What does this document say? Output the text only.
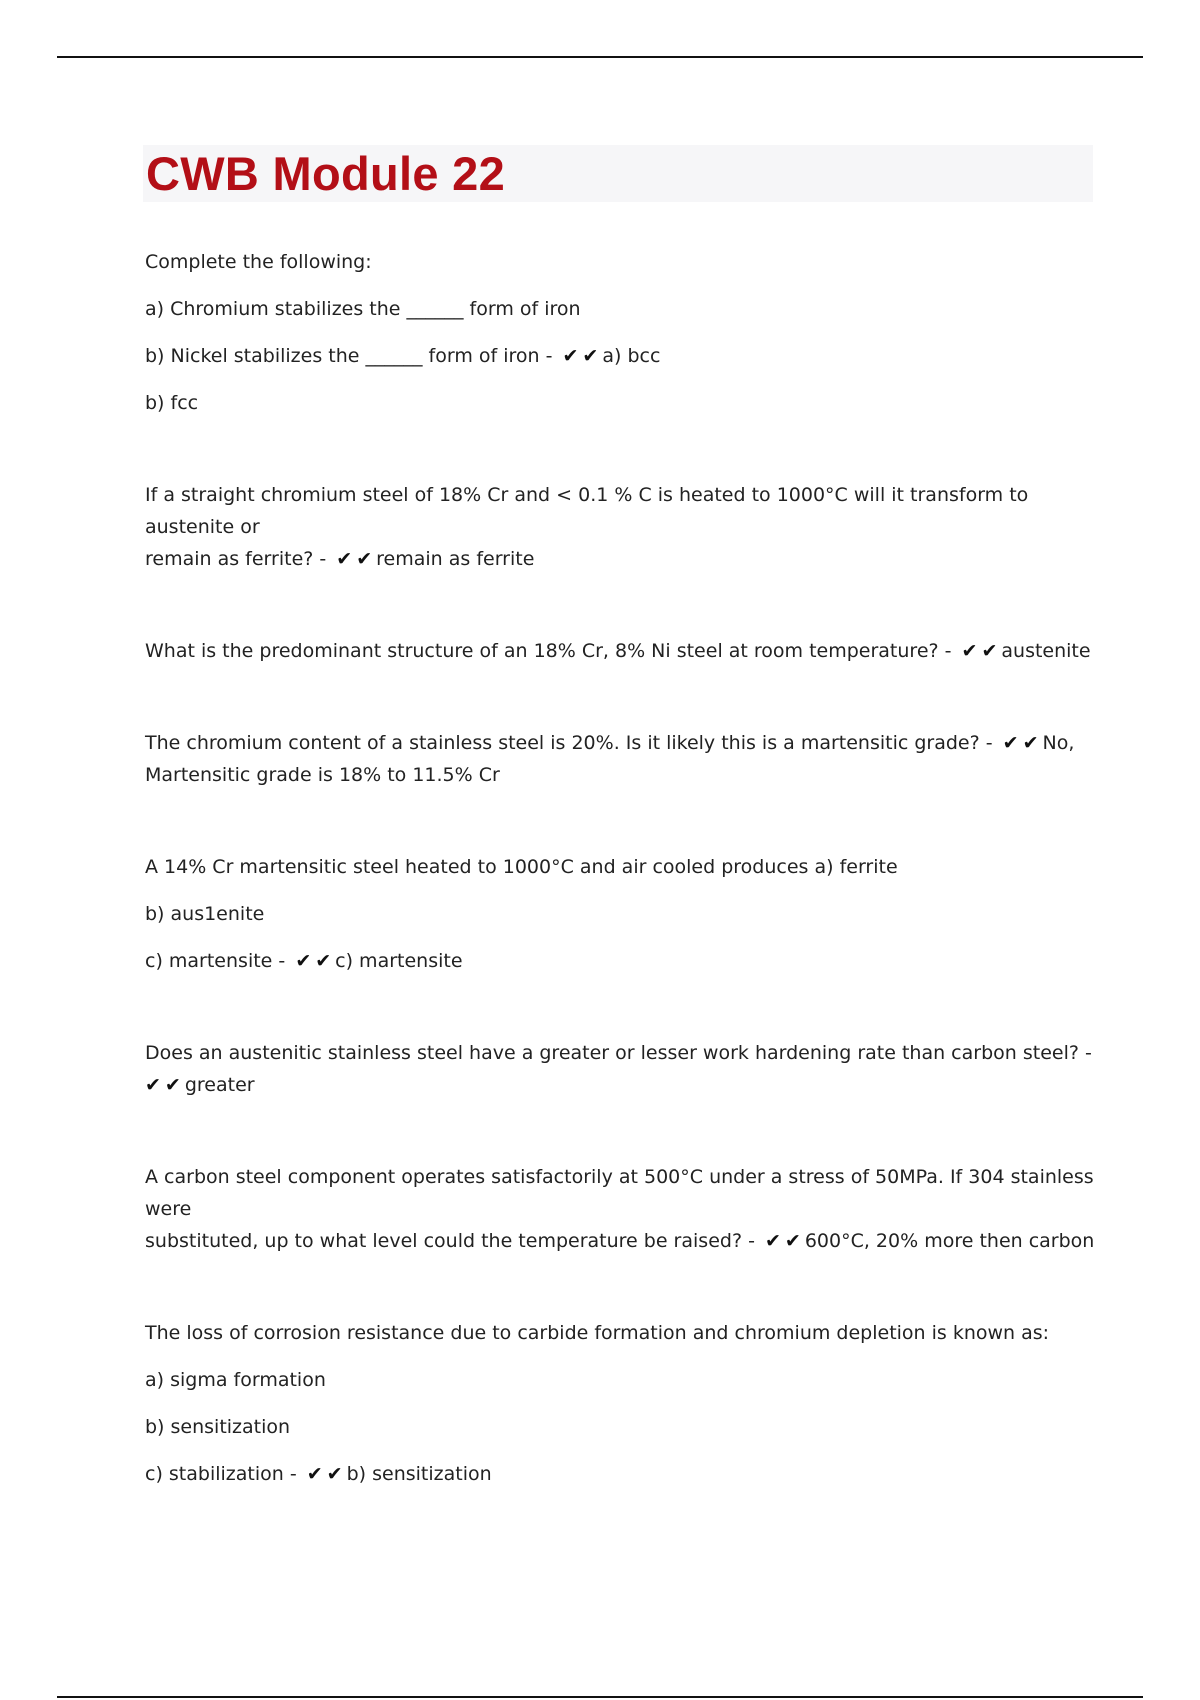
CWB Module 22

Complete the following:

a) Chromium stabilizes the ______ form of iron

b) Nickel stabilizes the ______ form of iron - ✔✔a) bcc

b) fcc

If a straight chromium steel of 18% Cr and < 0.1 % C is heated to 1000°C will it transform to austenite or

remain as ferrite? - ✔✔remain as ferrite

What is the predominant structure of an 18% Cr, 8% Ni steel at room temperature? - ✔✔austenite

The chromium content of a stainless steel is 20%. Is it likely this is a martensitic grade? - ✔✔No,

Martensitic grade is 18% to 11.5% Cr

A 14% Cr martensitic steel heated to 1000°C and air cooled produces a) ferrite

b) aus1enite

c) martensite - ✔✔c) martensite

Does an austenitic stainless steel have a greater or lesser work hardening rate than carbon steel? -

✔✔greater

A carbon steel component operates satisfactorily at 500°C under a stress of 50MPa. If 304 stainless were

substituted, up to what level could the temperature be raised? - ✔✔600°C, 20% more then carbon

The loss of corrosion resistance due to carbide formation and chromium depletion is known as:

a) sigma formation

b) sensitization

c) stabilization - ✔✔b) sensitization
